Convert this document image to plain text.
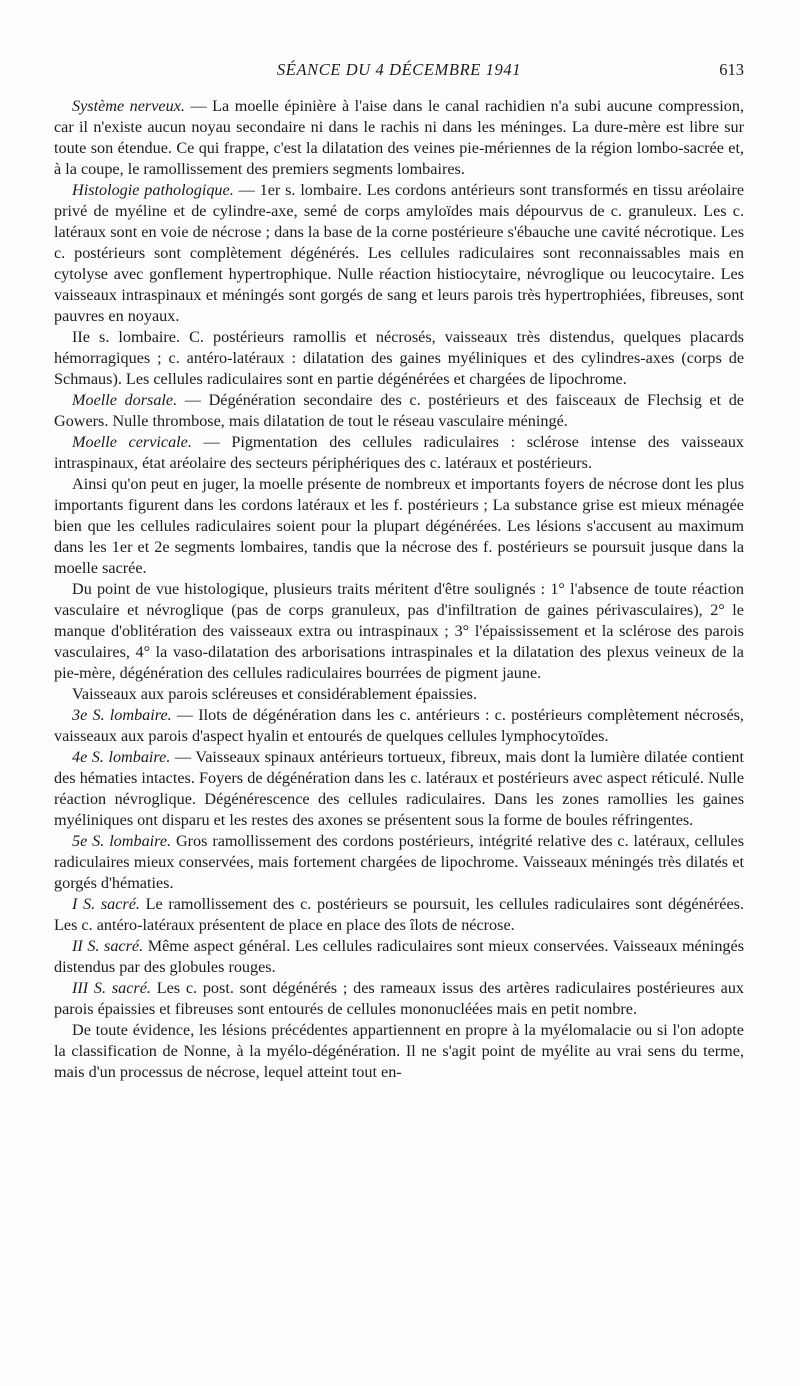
SÉANCE DU 4 DÉCEMBRE 1941	613

Système nerveux. — La moelle épinière à l'aise dans le canal rachidien n'a subi aucune compression, car il n'existe aucun noyau secondaire ni dans le rachis ni dans les méninges. La dure-mère est libre sur toute son étendue. Ce qui frappe, c'est la dilatation des veines pie-mériennes de la région lombo-sacrée et, à la coupe, le ramollissement des premiers segments lombaires.

Histologie pathologique. — 1er s. lombaire. Les cordons antérieurs sont transformés en tissu aréolaire privé de myéline et de cylindre-axe, semé de corps amyloïdes mais dépourvus de c. granuleux. Les c. latéraux sont en voie de nécrose ; dans la base de la corne postérieure s'ébauche une cavité nécrotique. Les c. postérieurs sont complètement dégénérés. Les cellules radiculaires sont reconnaissables mais en cytolyse avec gonflement hypertrophique. Nulle réaction histiocytaire, névroglique ou leucocytaire. Les vaisseaux intraspinaux et méningés sont gorgés de sang et leurs parois très hypertrophiées, fibreuses, sont pauvres en noyaux.

IIe s. lombaire. C. postérieurs ramollis et nécrosés, vaisseaux très distendus, quelques placards hémorragiques ; c. antéro-latéraux : dilatation des gaines myéliniques et des cylindres-axes (corps de Schmaus). Les cellules radiculaires sont en partie dégénérées et chargées de lipochrome.

Moelle dorsale. — Dégénération secondaire des c. postérieurs et des faisceaux de Flechsig et de Gowers. Nulle thrombose, mais dilatation de tout le réseau vasculaire méningé.

Moelle cervicale. — Pigmentation des cellules radiculaires : sclérose intense des vaisseaux intraspinaux, état aréolaire des secteurs périphériques des c. latéraux et postérieurs.

Ainsi qu'on peut en juger, la moelle présente de nombreux et importants foyers de nécrose dont les plus importants figurent dans les cordons latéraux et les f. postérieurs ; La substance grise est mieux ménagée bien que les cellules radiculaires soient pour la plupart dégénérées. Les lésions s'accusent au maximum dans les 1er et 2e segments lombaires, tandis que la nécrose des f. postérieurs se poursuit jusque dans la moelle sacrée.

Du point de vue histologique, plusieurs traits méritent d'être soulignés : 1° l'absence de toute réaction vasculaire et névroglique (pas de corps granuleux, pas d'infiltration de gaines périvasculaires), 2° le manque d'oblitération des vaisseaux extra ou intraspinaux ; 3° l'épaississement et la sclérose des parois vasculaires, 4° la vaso-dilatation des arborisations intraspinales et la dilatation des plexus veineux de la pie-mère, dégénération des cellules radiculaires bourrées de pigment jaune.

Vaisseaux aux parois scléreuses et considérablement épaissies.

3e S. lombaire. — Ilots de dégénération dans les c. antérieurs : c. postérieurs complètement nécrosés, vaisseaux aux parois d'aspect hyalin et entourés de quelques cellules lymphocytoïdes.

4e S. lombaire. — Vaisseaux spinaux antérieurs tortueux, fibreux, mais dont la lumière dilatée contient des hématies intactes. Foyers de dégénération dans les c. latéraux et postérieurs avec aspect réticulé. Nulle réaction névroglique. Dégénérescence des cellules radiculaires. Dans les zones ramollies les gaines myéliniques ont disparu et les restes des axones se présentent sous la forme de boules réfringentes.

5e S. lombaire. Gros ramollissement des cordons postérieurs, intégrité relative des c. latéraux, cellules radiculaires mieux conservées, mais fortement chargées de lipochrome. Vaisseaux méningés très dilatés et gorgés d'hématies.

I S. sacré. Le ramollissement des c. postérieurs se poursuit, les cellules radiculaires sont dégénérées. Les c. antéro-latéraux présentent de place en place des îlots de nécrose.

II S. sacré. Même aspect général. Les cellules radiculaires sont mieux conservées. Vaisseaux méningés distendus par des globules rouges.

III S. sacré. Les c. post. sont dégénérés ; des rameaux issus des artères radiculaires postérieures aux parois épaissies et fibreuses sont entourés de cellules mononucléées mais en petit nombre.

De toute évidence, les lésions précédentes appartiennent en propre à la myélomalacie ou si l'on adopte la classification de Nonne, à la myélo-dégénération. Il ne s'agit point de myélite au vrai sens du terme, mais d'un processus de nécrose, lequel atteint tout en-
